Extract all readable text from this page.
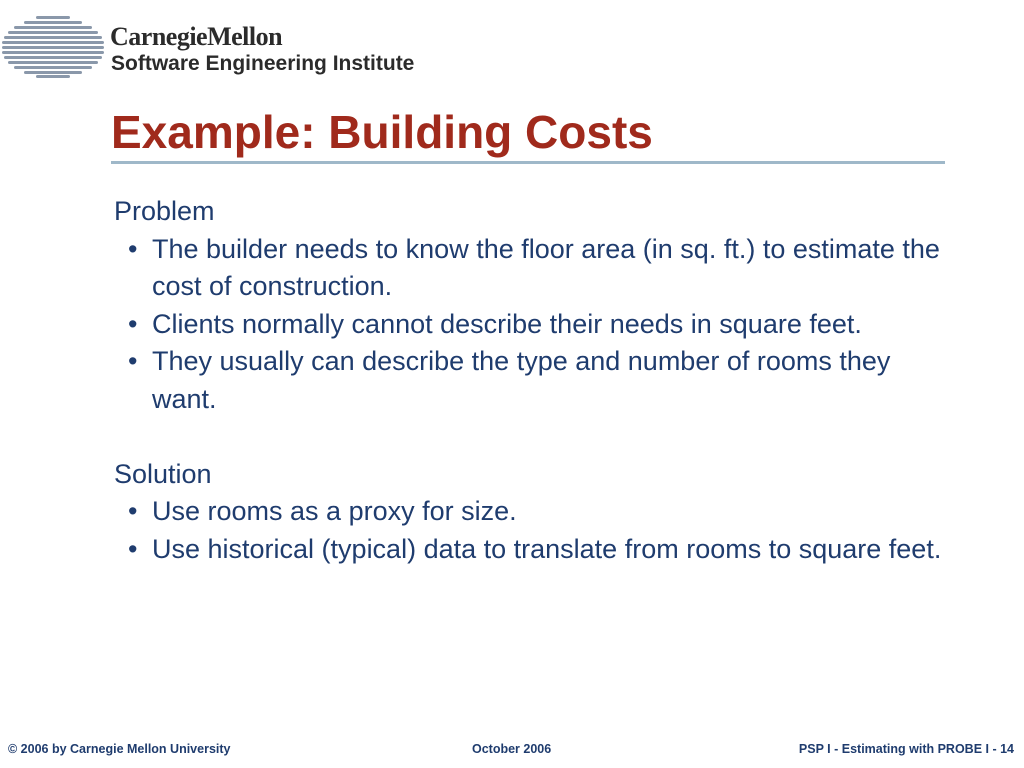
CarnegieMellon
Software Engineering Institute
Example: Building Costs

Problem

• The builder needs to know the floor area (in sq. ft.) to estimate the cost of construction.
• Clients normally cannot describe their needs in square feet.
• They usually can describe the type and number of rooms they want.

Solution

• Use rooms as a proxy for size.
• Use historical (typical) data to translate from rooms to square feet.
© 2006 by Carnegie Mellon University	October 2006	PSP I - Estimating with PROBE I - 14
